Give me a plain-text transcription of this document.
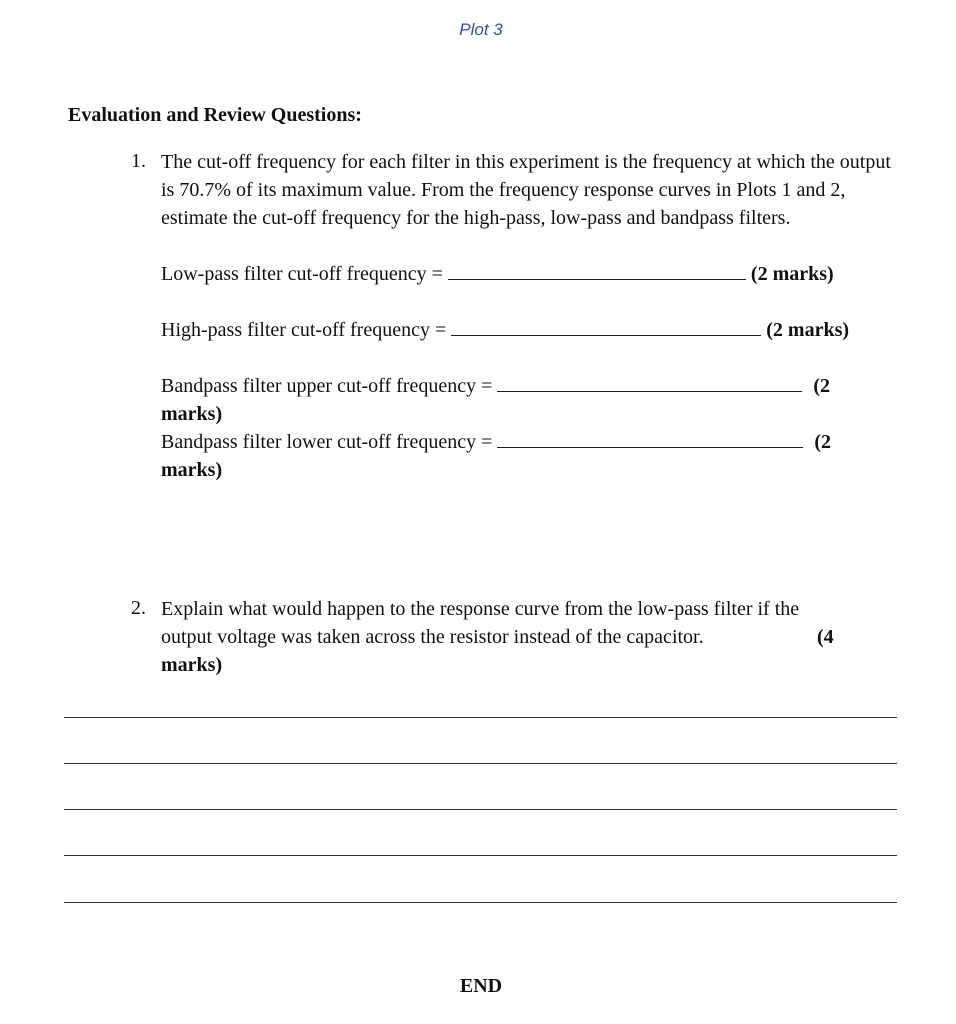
Plot 3
Evaluation and Review Questions:
1. The cut-off frequency for each filter in this experiment is the frequency at which the output is 70.7% of its maximum value. From the frequency response curves in Plots 1 and 2, estimate the cut-off frequency for the high-pass, low-pass and bandpass filters.
Low-pass filter cut-off frequency =	(2 marks)
High-pass filter cut-off frequency =	(2 marks)
Bandpass filter upper cut-off frequency =	(2
marks)
Bandpass filter lower cut-off frequency =	(2
marks)
2. Explain what would happen to the response curve from the low-pass filter if the
output voltage was taken across the resistor instead of the capacitor.	(4
marks)
END
